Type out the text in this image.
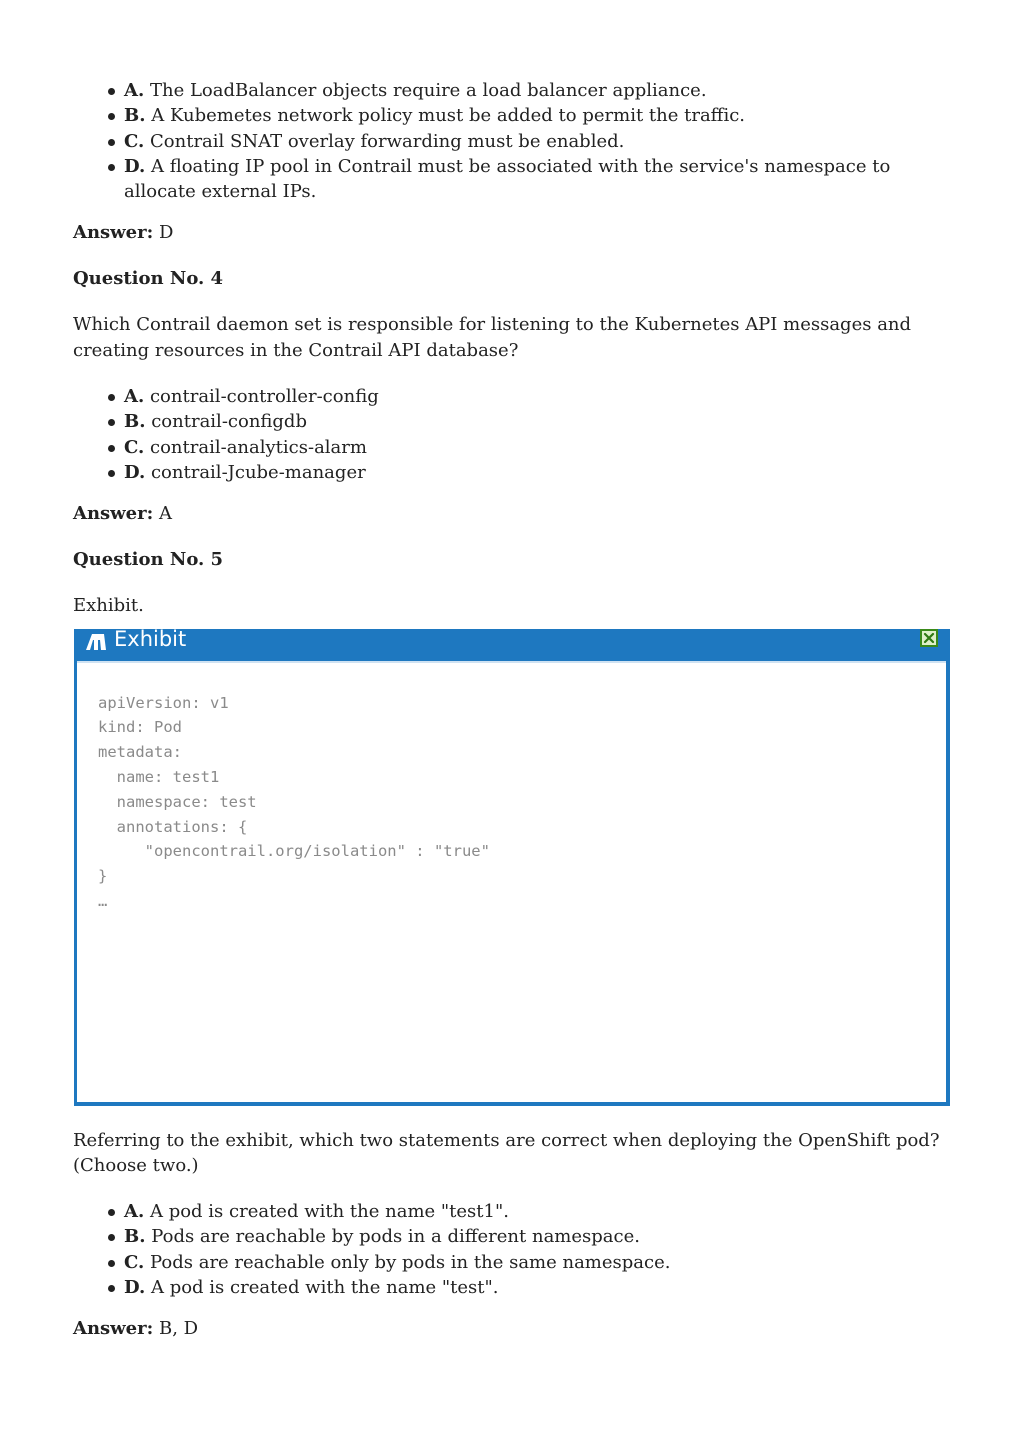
A. The LoadBalancer objects require a load balancer appliance.
B. A Kubemetes network policy must be added to permit the traffic.
C. Contrail SNAT overlay forwarding must be enabled.
D. A floating IP pool in Contrail must be associated with the service's namespace to allocate external IPs.
Answer: D
Question No. 4
Which Contrail daemon set is responsible for listening to the Kubernetes API messages and creating resources in the Contrail API database?
A. contrail-controller-config
B. contrail-configdb
C. contrail-analytics-alarm
D. contrail-Jcube-manager
Answer: A
Question No. 5
Exhibit.
Exhibit
apiVersion: v1
kind: Pod
metadata:
name: test1
namespace: test
annotations: {
"opencontrail.org/isolation" : "true"
}
…
Referring to the exhibit, which two statements are correct when deploying the OpenShift pod? (Choose two.)
A. A pod is created with the name "test1".
B. Pods are reachable by pods in a different namespace.
C. Pods are reachable only by pods in the same namespace.
D. A pod is created with the name "test".
Answer: B, D
